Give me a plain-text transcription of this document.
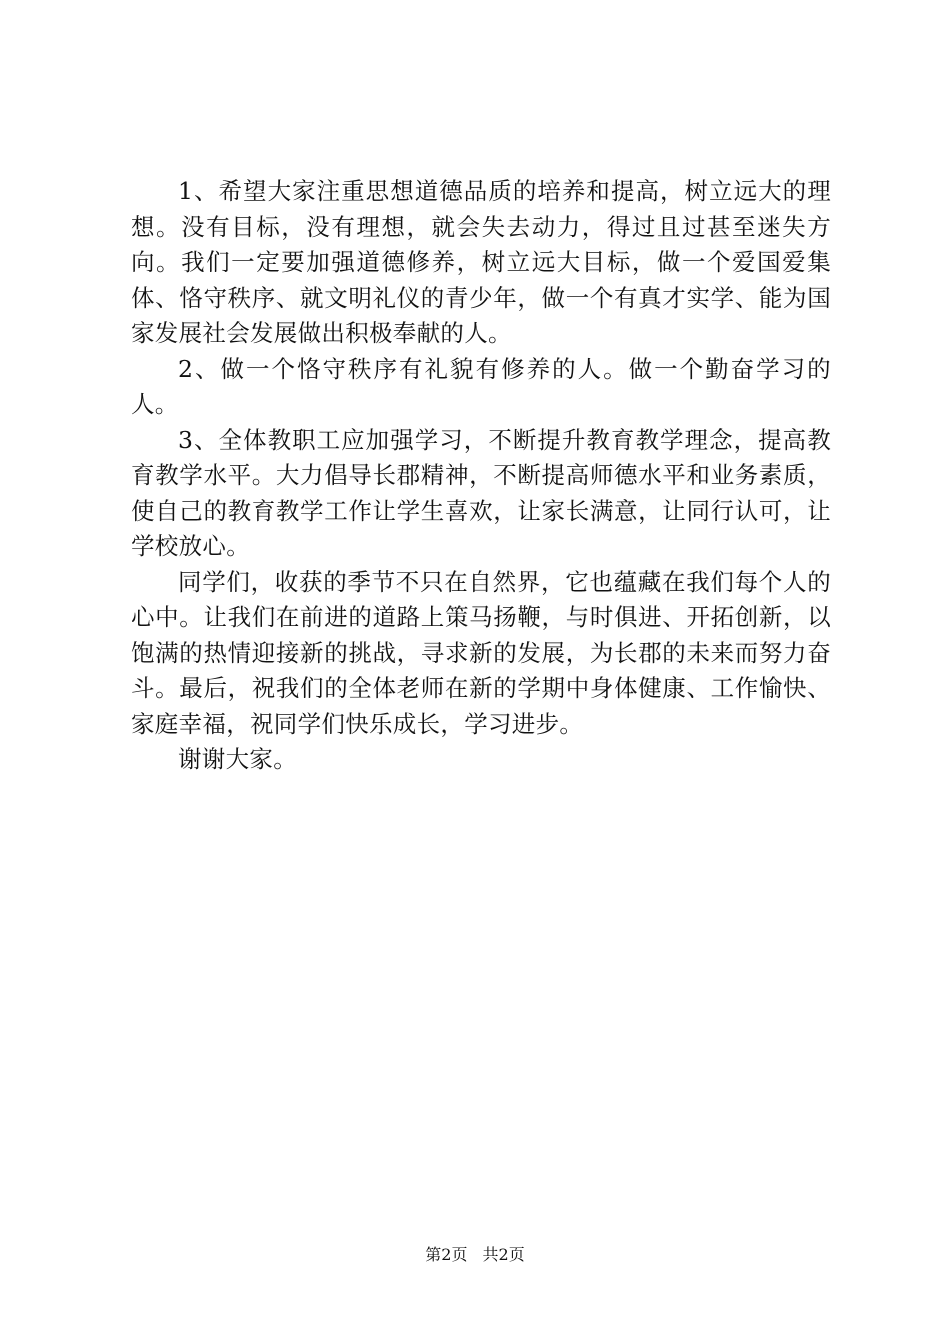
1、希望大家注重思想道德品质的培养和提高，树立远大的理想。没有目标，没有理想，就会失去动力，得过且过甚至迷失方向。我们一定要加强道德修养，树立远大目标，做一个爱国爱集体、恪守秩序、就文明礼仪的青少年，做一个有真才实学、能为国家发展社会发展做出积极奉献的人。

2、做一个恪守秩序有礼貌有修养的人。做一个勤奋学习的人。

3、全体教职工应加强学习，不断提升教育教学理念，提高教育教学水平。大力倡导长郡精神，不断提高师德水平和业务素质，使自己的教育教学工作让学生喜欢，让家长满意，让同行认可，让学校放心。

同学们，收获的季节不只在自然界，它也蕴藏在我们每个人的心中。让我们在前进的道路上策马扬鞭，与时俱进、开拓创新，以饱满的热情迎接新的挑战，寻求新的发展，为长郡的未来而努力奋斗。最后，祝我们的全体老师在新的学期中身体健康、工作愉快、家庭幸福，祝同学们快乐成长，学习进步。

谢谢大家。

第2页 共2页
